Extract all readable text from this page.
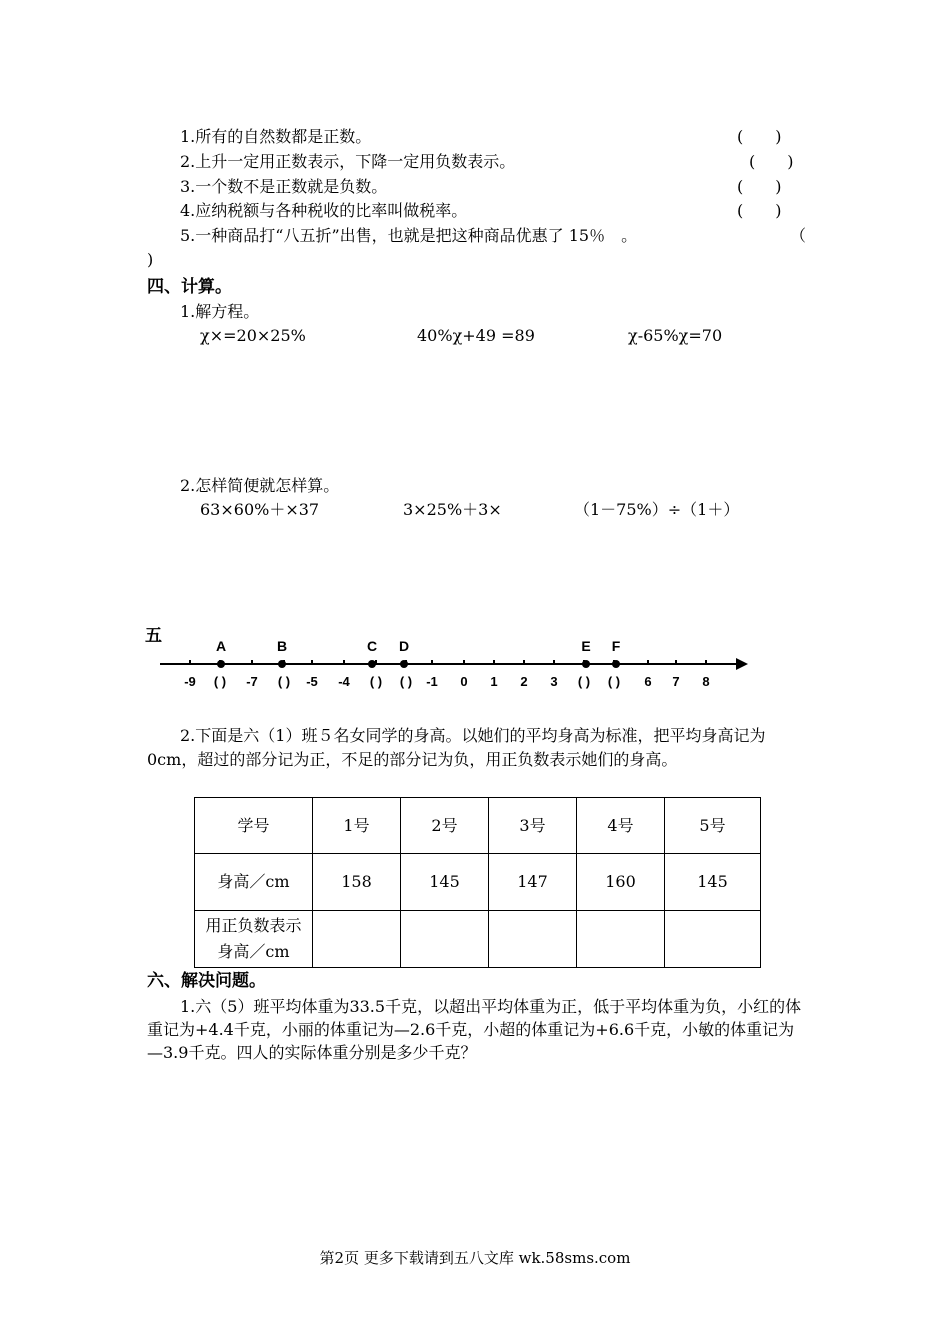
1.所有的自然数都是正数。	(　　)
2.上升一定用正数表示，下降一定用负数表示。	(　　)
3.一个数不是正数就是负数。	(　　)
4.应纳税额与各种税收的比率叫做税率。	(　　)
5.一种商品打“八五折”出售，也就是把这种商品优惠了 15％　。	（
)
四、计算。
1.解方程。
χ×=20×25%	40%χ+49 =89	χ-65%χ=70
2.怎样简便就怎样算。
63×60%＋×37	3×25%＋3×	（1－75%）÷（1＋）
五
-9 ( ) -7 ( ) -5 -4 ( ) ( ) -1 0 1 2 3 ( ) ( ) 6 7 8
A	B	C D	E F
2.下面是六（1）班５名女同学的身高。以她们的平均身高为标准，把平均身高记为0cm，超过的部分记为正，不足的部分记为负，用正负数表示她们的身高。
学号	1号	2号	3号	4号	5号
身高／cm	158	145	147	160	145
用正负数表示身高／cm					
六、解决问题。
1.六（5）班平均体重为33.5千克，以超出平均体重为正，低于平均体重为负，小红的体重记为+4.4千克，小丽的体重记为—2.6千克，小超的体重记为+6.6千克，小敏的体重记为—3.9千克。四人的实际体重分别是多少千克？
第2页 更多下载请到五八文库 wk.58sms.com
